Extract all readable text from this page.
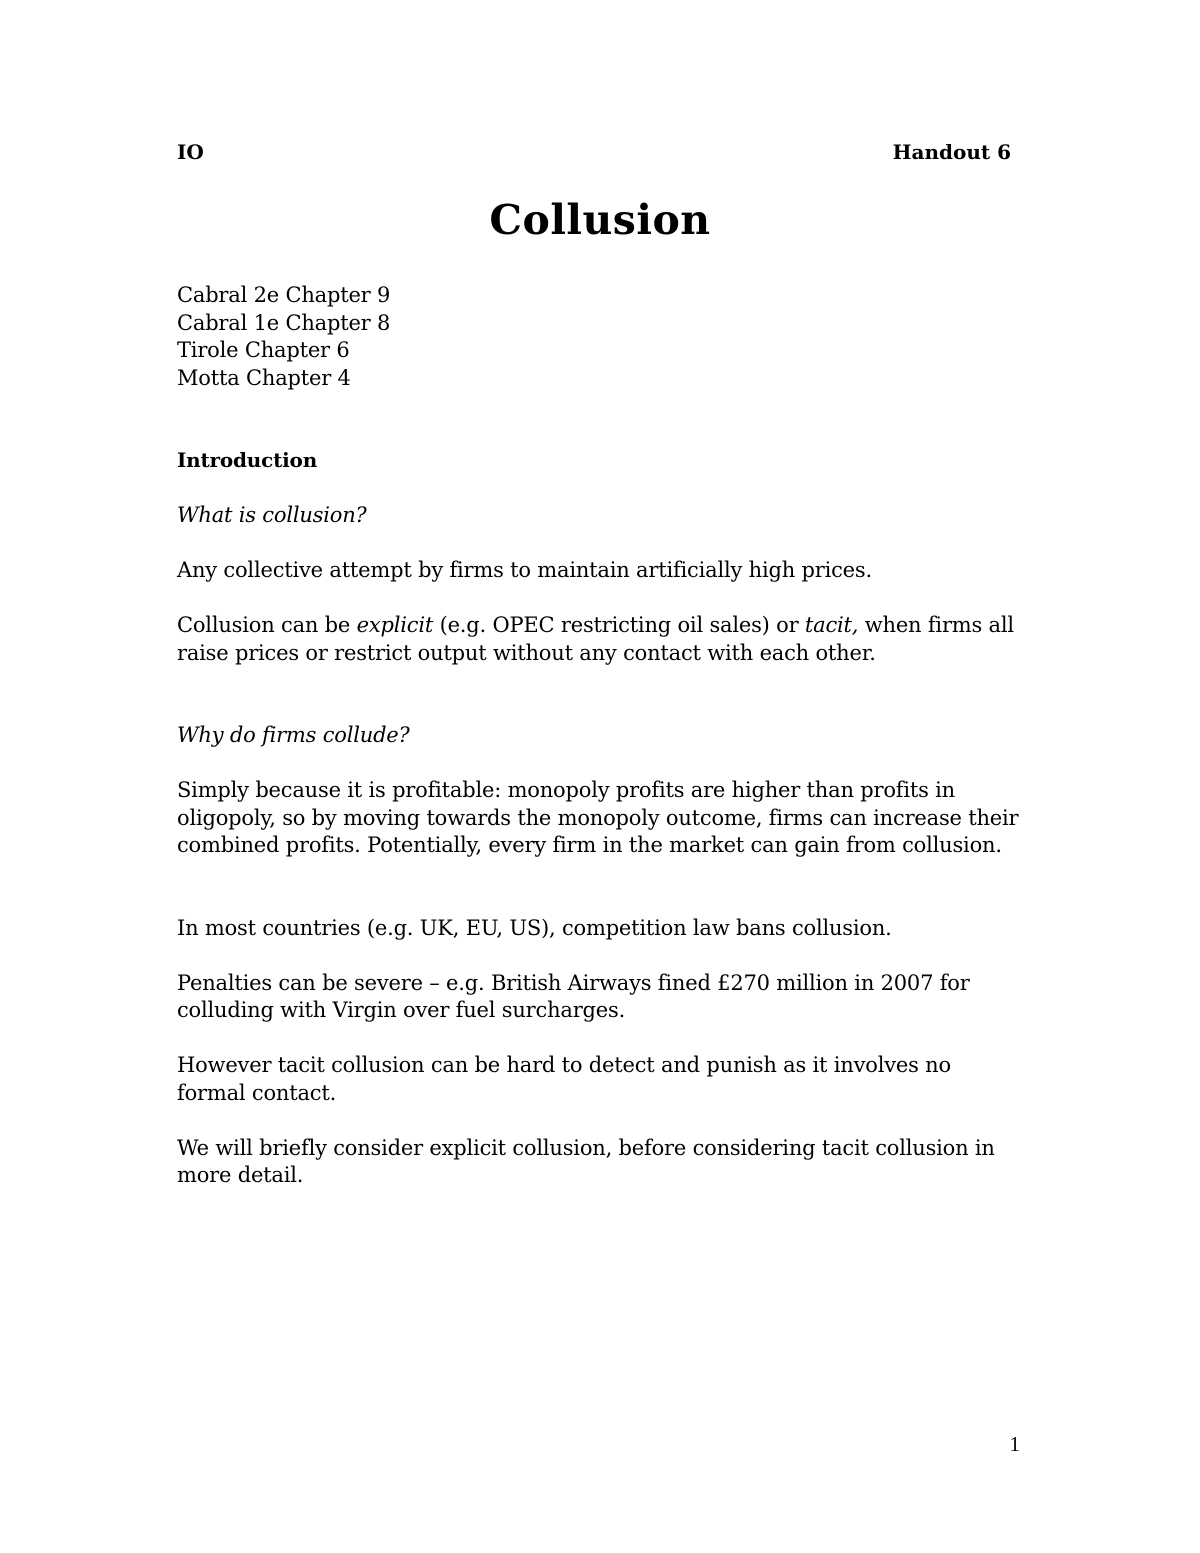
IO	Handout 6
Collusion
Cabral 2e Chapter 9
Cabral 1e Chapter 8
Tirole Chapter 6
Motta Chapter 4
Introduction
What is collusion?
Any collective attempt by firms to maintain artificially high prices.
Collusion can be explicit (e.g. OPEC restricting oil sales) or tacit, when firms all raise prices or restrict output without any contact with each other.
Why do firms collude?
Simply because it is profitable: monopoly profits are higher than profits in oligopoly, so by moving towards the monopoly outcome, firms can increase their combined profits. Potentially, every firm in the market can gain from collusion.
In most countries (e.g. UK, EU, US), competition law bans collusion.
Penalties can be severe – e.g. British Airways fined £270 million in 2007 for colluding with Virgin over fuel surcharges.
However tacit collusion can be hard to detect and punish as it involves no formal contact.
We will briefly consider explicit collusion, before considering tacit collusion in more detail.
1
